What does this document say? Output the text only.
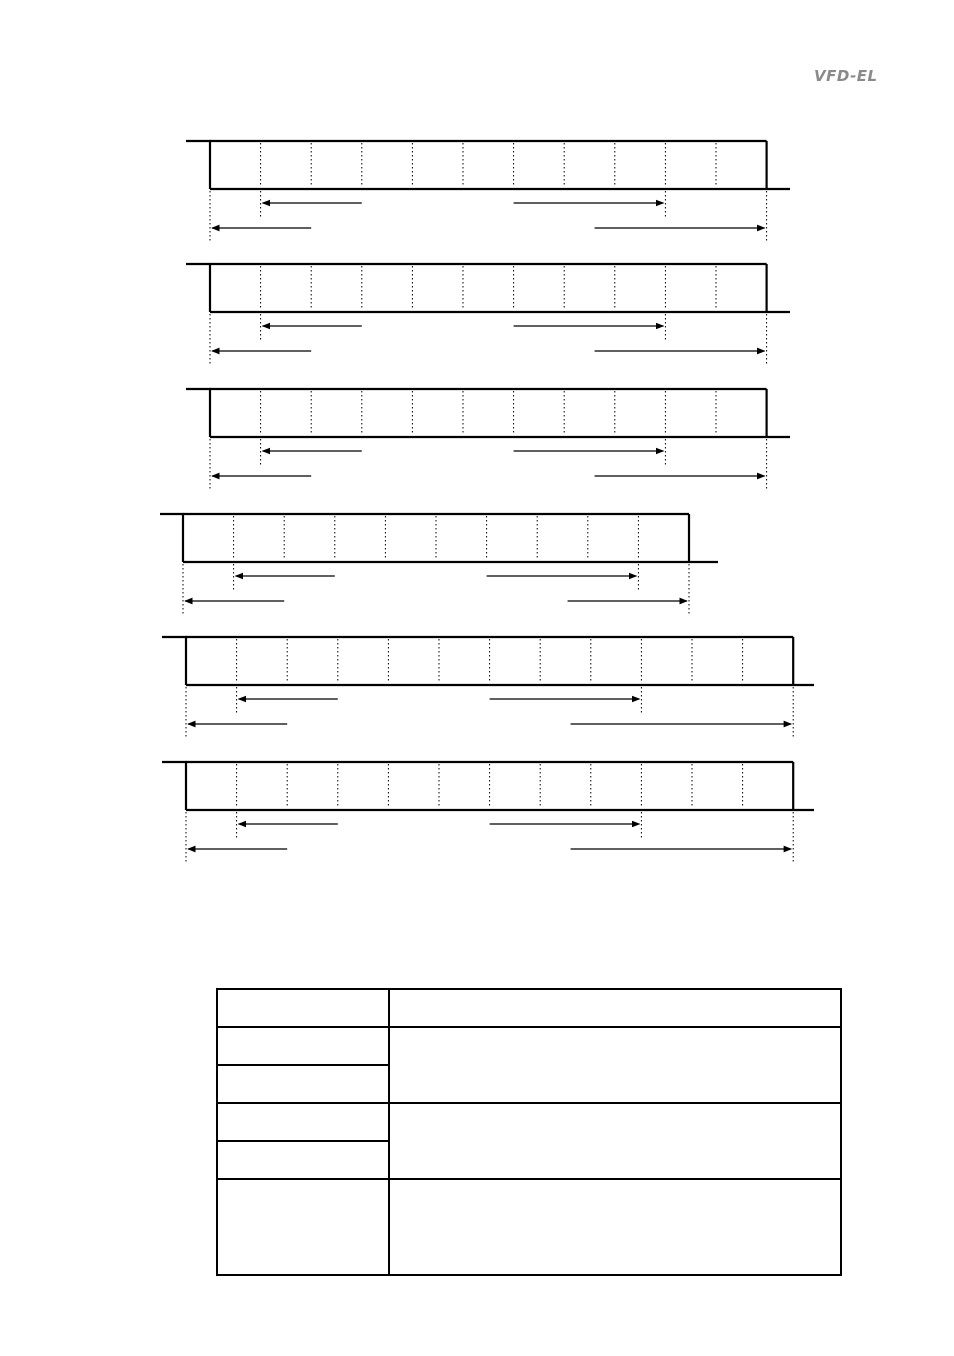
VFD-EL
